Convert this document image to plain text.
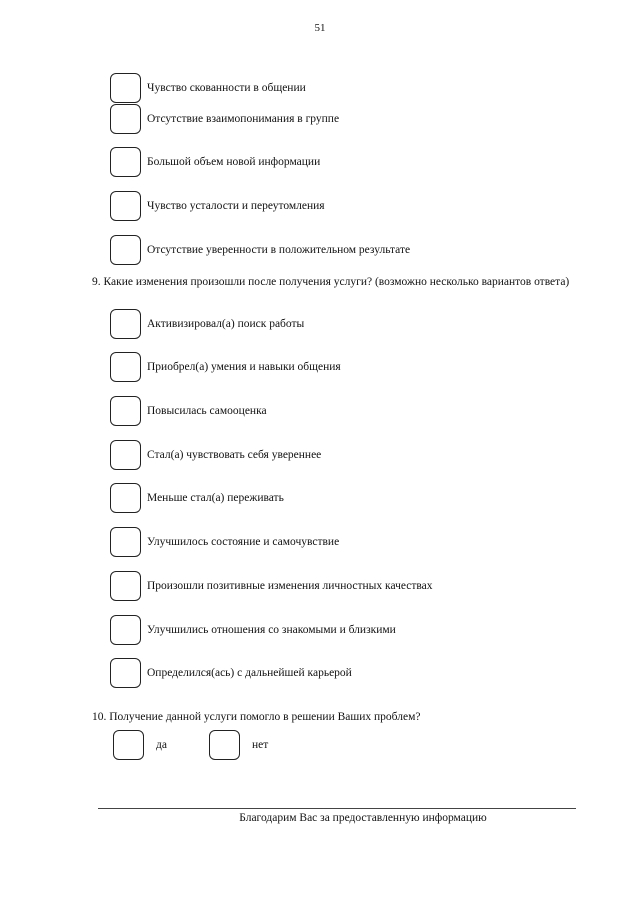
51
Чувство скованности в общении
Отсутствие взаимопонимания в группе
Большой объем новой информации
Чувство усталости и переутомления
Отсутствие уверенности в положительном результате
9. Какие изменения произошли после получения услуги? (возможно несколько вариантов ответа)
Активизировал(а) поиск работы
Приобрел(а) умения и навыки общения
Повысилась самооценка
Стал(а) чувствовать себя увереннее
Меньше стал(а) переживать
Улучшилось состояние и самочувствие
Произошли позитивные изменения личностных качествах
Улучшились отношения со знакомыми и близкими
Определился(ась) с дальнейшей карьерой
10. Получение данной услуги помогло в решении Ваших проблем?
да	нет
Благодарим Вас за предоставленную информацию
